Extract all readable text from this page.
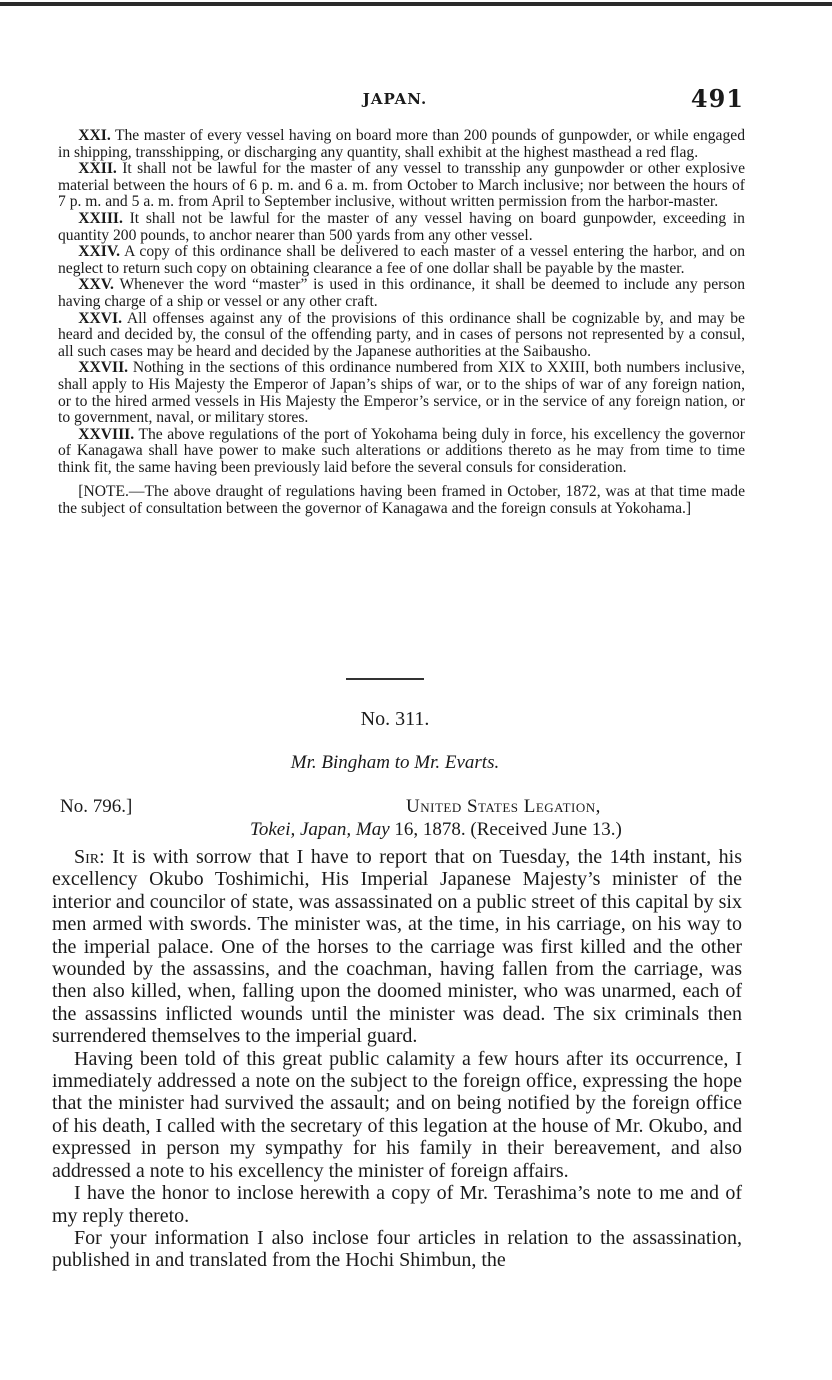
JAPAN.	491

XXI. The master of every vessel having on board more than 200 pounds of gunpowder, or while engaged in shipping, transshipping, or discharging any quantity, shall exhibit at the highest masthead a red flag.

XXII. It shall not be lawful for the master of any vessel to transship any gunpowder or other explosive material between the hours of 6 p. m. and 6 a. m. from October to March inclusive; nor between the hours of 7 p. m. and 5 a. m. from April to September inclusive, without written permission from the harbor-master.

XXIII. It shall not be lawful for the master of any vessel having on board gunpowder, exceeding in quantity 200 pounds, to anchor nearer than 500 yards from any other vessel.

XXIV. A copy of this ordinance shall be delivered to each master of a vessel entering the harbor, and on neglect to return such copy on obtaining clearance a fee of one dollar shall be payable by the master.

XXV. Whenever the word “master” is used in this ordinance, it shall be deemed to include any person having charge of a ship or vessel or any other craft.

XXVI. All offenses against any of the provisions of this ordinance shall be cognizable by, and may be heard and decided by, the consul of the offending party, and in cases of persons not represented by a consul, all such cases may be heard and decided by the Japanese authorities at the Saibausho.

XXVII. Nothing in the sections of this ordinance numbered from XIX to XXIII, both numbers inclusive, shall apply to His Majesty the Emperor of Japan’s ships of war, or to the ships of war of any foreign nation, or to the hired armed vessels in His Majesty the Emperor’s service, or in the service of any foreign nation, or to government, naval, or military stores.

XXVIII. The above regulations of the port of Yokohama being duly in force, his excellency the governor of Kanagawa shall have power to make such alterations or additions thereto as he may from time to time think fit, the same having been previously laid before the several consuls for consideration.

[NOTE.—The above draught of regulations having been framed in October, 1872, was at that time made the subject of consultation between the governor of Kanagawa and the foreign consuls at Yokohama.]

No. 311.
Mr. Bingham to Mr. Evarts.
No. 796.]	United States Legation,
Tokei, Japan, May 16, 1878. (Received June 13.)

Sir: It is with sorrow that I have to report that on Tuesday, the 14th instant, his excellency Okubo Toshimichi, His Imperial Japanese Majesty’s minister of the interior and councilor of state, was assassinated on a public street of this capital by six men armed with swords. The minister was, at the time, in his carriage, on his way to the imperial palace. One of the horses to the carriage was first killed and the other wounded by the assassins, and the coachman, having fallen from the carriage, was then also killed, when, falling upon the doomed minister, who was unarmed, each of the assassins inflicted wounds until the minister was dead. The six criminals then surrendered themselves to the imperial guard.

Having been told of this great public calamity a few hours after its occurrence, I immediately addressed a note on the subject to the foreign office, expressing the hope that the minister had survived the assault; and on being notified by the foreign office of his death, I called with the secretary of this legation at the house of Mr. Okubo, and expressed in person my sympathy for his family in their bereavement, and also addressed a note to his excellency the minister of foreign affairs.

I have the honor to inclose herewith a copy of Mr. Terashima’s note to me and of my reply thereto.

For your information I also inclose four articles in relation to the assassination, published in and translated from the Hochi Shimbun, the
